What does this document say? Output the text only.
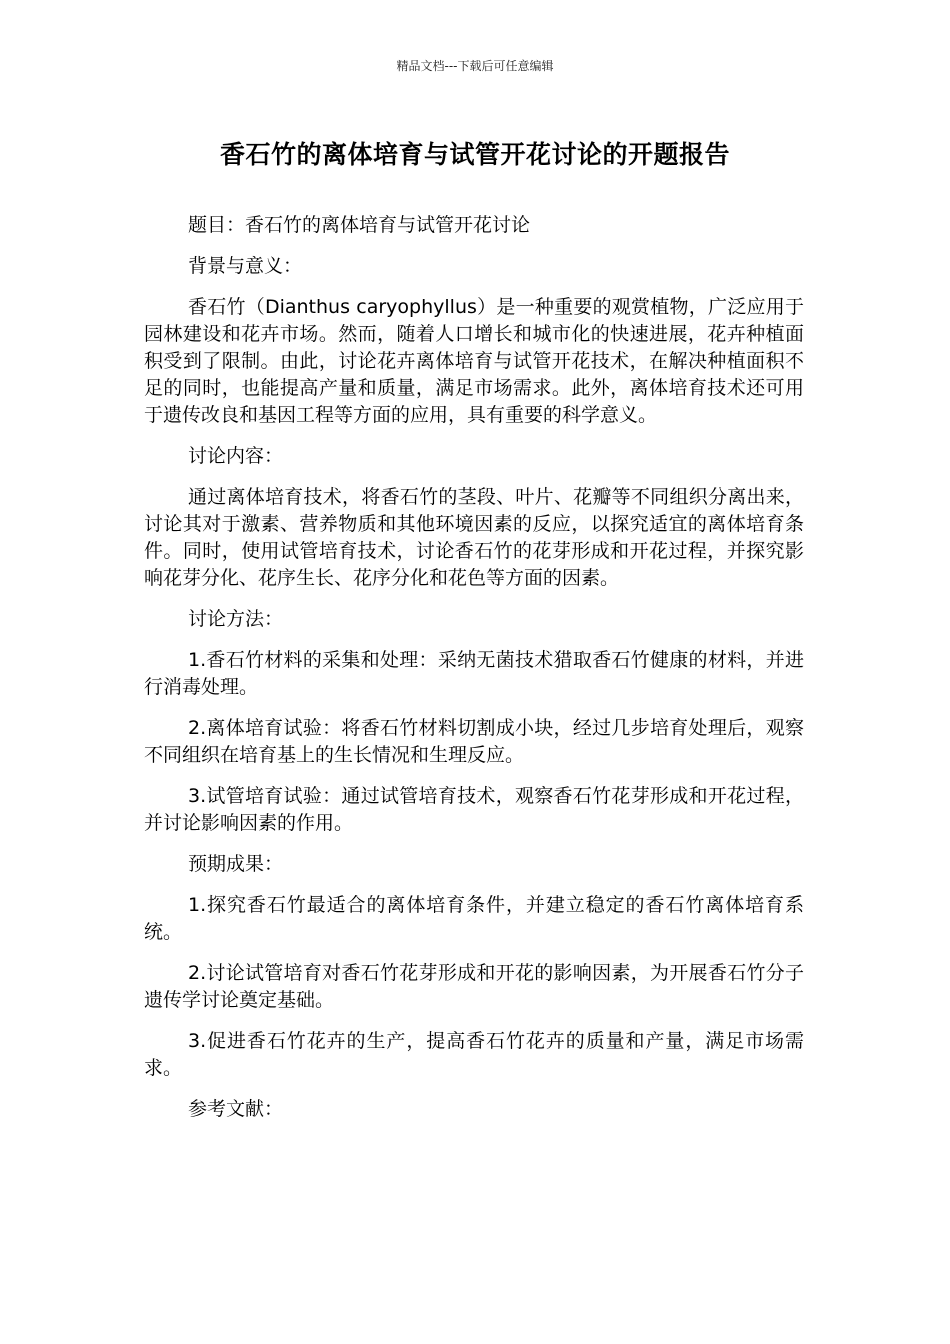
精品文档---下载后可任意编辑
香石竹的离体培育与试管开花讨论的开题报告

题目：香石竹的离体培育与试管开花讨论

背景与意义：

香石竹（Dianthus caryophyllus）是一种重要的观赏植物，广泛应用于园林建设和花卉市场。然而，随着人口增长和城市化的快速进展，花卉种植面积受到了限制。由此，讨论花卉离体培育与试管开花技术，在解决种植面积不足的同时，也能提高产量和质量，满足市场需求。此外，离体培育技术还可用于遗传改良和基因工程等方面的应用，具有重要的科学意义。

讨论内容：

通过离体培育技术，将香石竹的茎段、叶片、花瓣等不同组织分离出来，讨论其对于激素、营养物质和其他环境因素的反应，以探究适宜的离体培育条件。同时，使用试管培育技术，讨论香石竹的花芽形成和开花过程，并探究影响花芽分化、花序生长、花序分化和花色等方面的因素。

讨论方法：

1.香石竹材料的采集和处理：采纳无菌技术猎取香石竹健康的材料，并进行消毒处理。

2.离体培育试验：将香石竹材料切割成小块，经过几步培育处理后，观察不同组织在培育基上的生长情况和生理反应。

3.试管培育试验：通过试管培育技术，观察香石竹花芽形成和开花过程，并讨论影响因素的作用。

预期成果：

1.探究香石竹最适合的离体培育条件，并建立稳定的香石竹离体培育系统。

2.讨论试管培育对香石竹花芽形成和开花的影响因素，为开展香石竹分子遗传学讨论奠定基础。

3.促进香石竹花卉的生产，提高香石竹花卉的质量和产量，满足市场需求。

参考文献：
